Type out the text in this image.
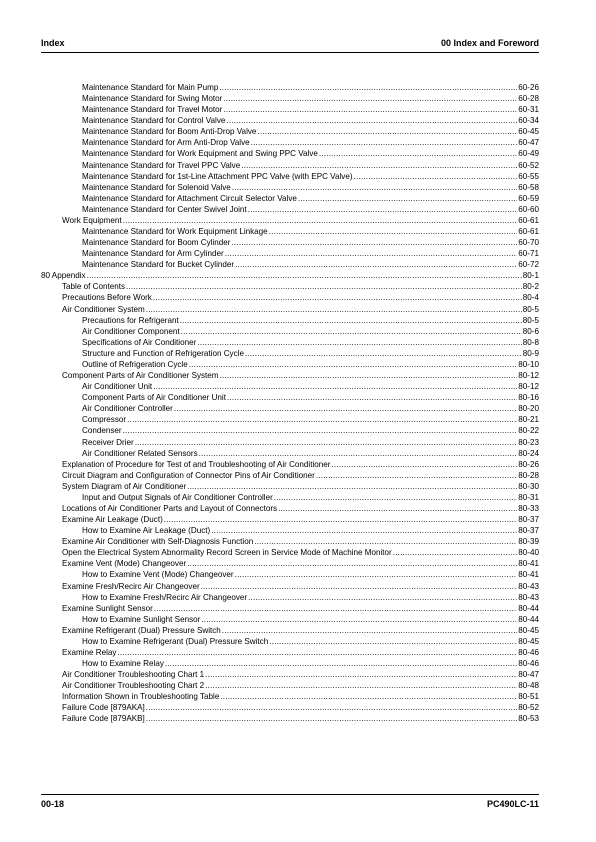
Index	00 Index and Foreword
Maintenance Standard for Main Pump .....	60-26
Maintenance Standard for Swing Motor .....	60-28
Maintenance Standard for Travel Motor .....	60-31
Maintenance Standard for Control Valve .....	60-34
Maintenance Standard for Boom Anti-Drop Valve .....	60-45
Maintenance Standard for Arm Anti-Drop Valve .....	60-47
Maintenance Standard for Work Equipment and Swing PPC Valve .....	60-49
Maintenance Standard for Travel PPC Valve .....	60-52
Maintenance Standard for 1st-Line Attachment PPC Valve (with EPC Valve) .....	60-55
Maintenance Standard for Solenoid Valve .....	60-58
Maintenance Standard for Attachment Circuit Selector Valve .....	60-59
Maintenance Standard for Center Swivel Joint .....	60-60
Work Equipment .....	60-61
Maintenance Standard for Work Equipment Linkage .....	60-61
Maintenance Standard for Boom Cylinder .....	60-70
Maintenance Standard for Arm Cylinder .....	60-71
Maintenance Standard for Bucket Cylinder .....	60-72
80 Appendix .....	80-1
Table of Contents .....	80-2
Precautions Before Work .....	80-4
Air Conditioner System .....	80-5
Precautions for Refrigerant .....	80-5
Air Conditioner Component .....	80-6
Specifications of Air Conditioner .....	80-8
Structure and Function of Refrigeration Cycle .....	80-9
Outline of Refrigeration Cycle .....	80-10
Component Parts of Air Conditioner System .....	80-12
Air Conditioner Unit .....	80-12
Component Parts of Air Conditioner Unit .....	80-16
Air Conditioner Controller .....	80-20
Compressor .....	80-21
Condenser .....	80-22
Receiver Drier .....	80-23
Air Conditioner Related Sensors .....	80-24
Explanation of Procedure for Test of and Troubleshooting of Air Conditioner .....	80-26
Circuit Diagram and Configuration of Connector Pins of Air Conditioner .....	80-28
System Diagram of Air Conditioner .....	80-30
Input and Output Signals of Air Conditioner Controller .....	80-31
Locations of Air Conditioner Parts and Layout of Connectors .....	80-33
Examine Air Leakage (Duct) .....	80-37
How to Examine Air Leakage (Duct) .....	80-37
Examine Air Conditioner with Self-Diagnosis Function .....	80-39
Open the Electrical System Abnormality Record Screen in Service Mode of Machine Monitor .....	80-40
Examine Vent (Mode) Changeover .....	80-41
How to Examine Vent (Mode) Changeover .....	80-41
Examine Fresh/Recirc Air Changeover .....	80-43
How to Examine Fresh/Recirc Air Changeover .....	80-43
Examine Sunlight Sensor .....	80-44
How to Examine Sunlight Sensor .....	80-44
Examine Refrigerant (Dual) Pressure Switch .....	80-45
How to Examine Refrigerant (Dual) Pressure Switch .....	80-45
Examine Relay .....	80-46
How to Examine Relay .....	80-46
Air Conditioner Troubleshooting Chart 1 .....	80-47
Air Conditioner Troubleshooting Chart 2 .....	80-48
Information Shown in Troubleshooting Table .....	80-51
Failure Code [879AKA] .....	80-52
Failure Code [879AKB] .....	80-53
00-18	PC490LC-11
